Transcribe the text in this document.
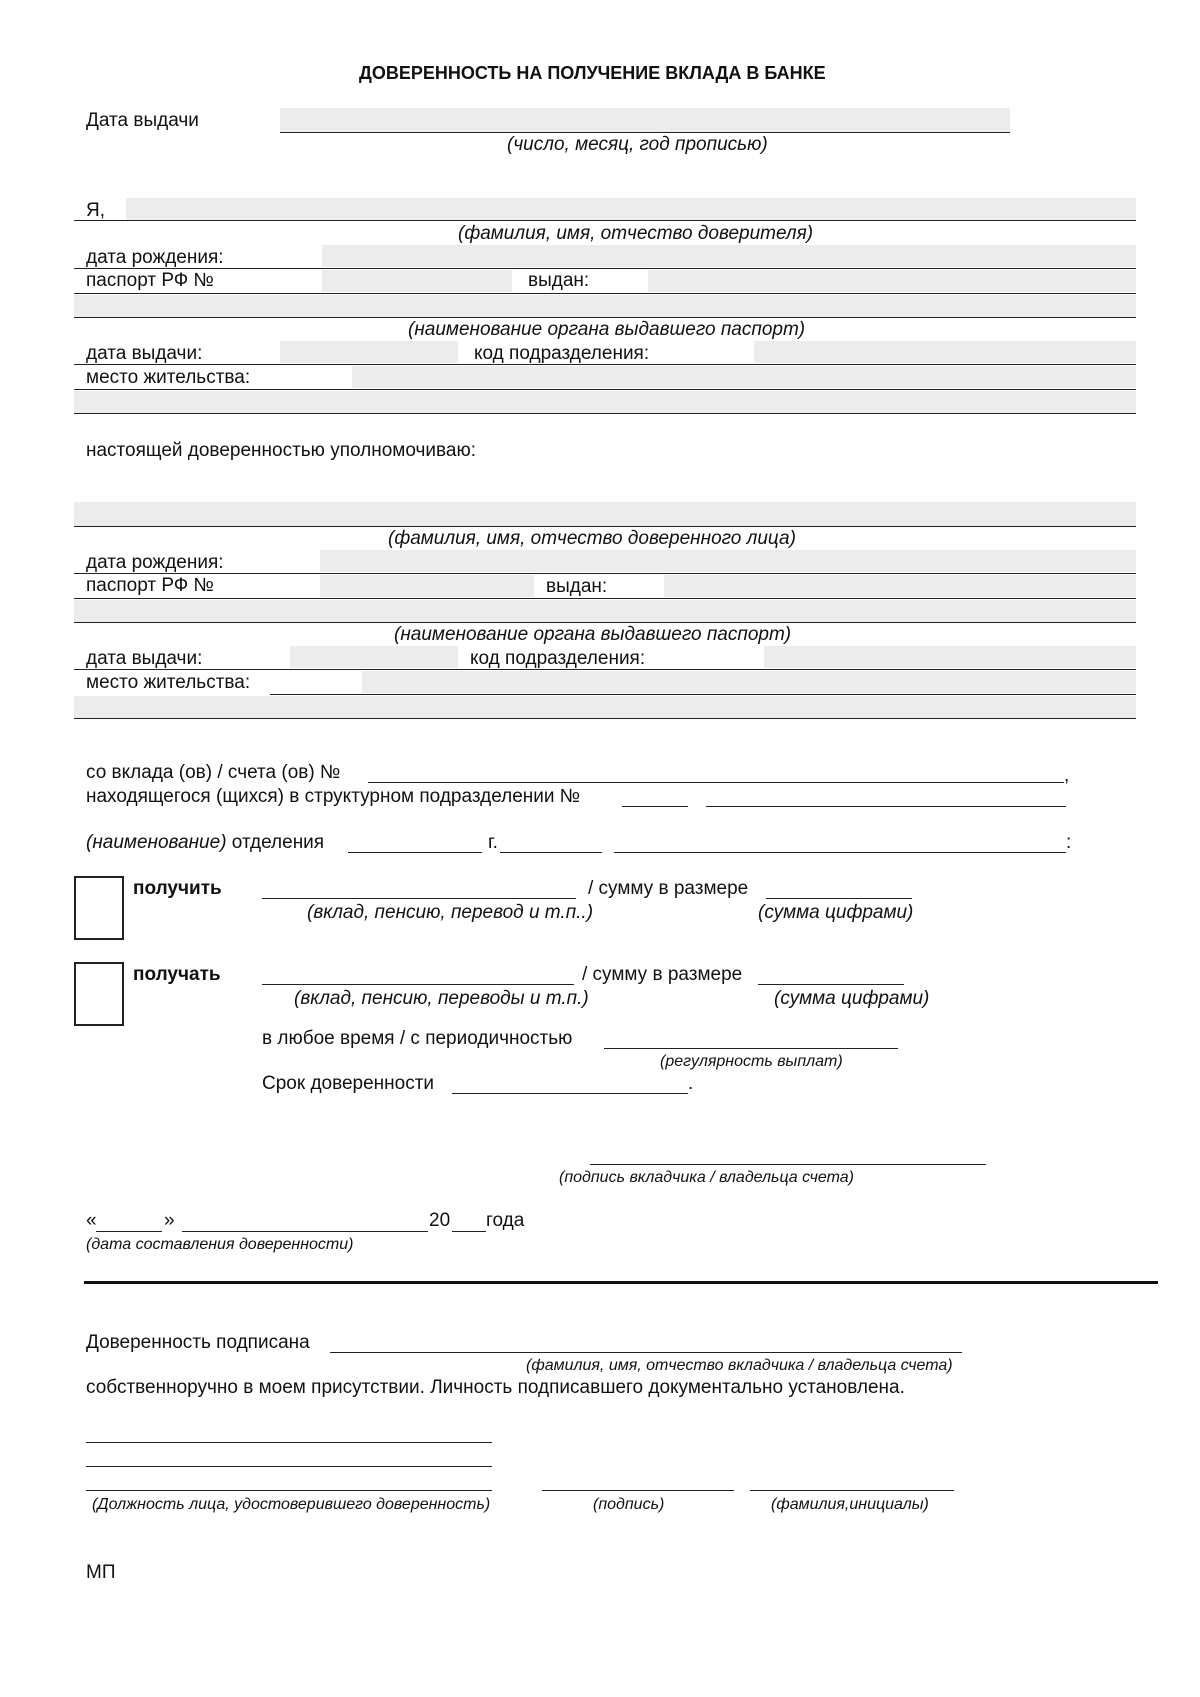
ДОВЕРЕННОСТЬ НА ПОЛУЧЕНИЕ ВКЛАДА В БАНКЕ
Дата выдачи
(число, месяц, год прописью)
Я,
(фамилия, имя, отчество доверителя)
дата рождения:
паспорт РФ №	выдан:
(наименование органа выдавшего паспорт)
дата выдачи:	код подразделения:
место жительства:
настоящей доверенностью уполномочиваю:
(фамилия, имя, отчество доверенного лица)
дата рождения:
паспорт РФ №	выдан:
(наименование органа выдавшего паспорт)
дата выдачи:	код подразделения:
место жительства:
со вклада (ов) / счета (ов) №	,
находящегося (щихся) в структурном подразделении №
(наименование) отделения	г.	:
получить	/ сумму в размере
(вклад, пенсию, перевод и т.п..)	(сумма цифрами)
получать	/ сумму в размере
(вклад, пенсию, переводы и т.п.)	(сумма цифрами)
в любое время / с периодичностью
(регулярность выплат)
Срок доверенности	.
(подпись вкладчика / владельца счета)
«	»	20 года
(дата составления доверенности)
Доверенность подписана
(фамилия, имя, отчество вкладчика / владельца счета)
собственноручно в моем присутствии. Личность подписавшего документально установлена.
(Должность лица, удостоверившего доверенность)	(подпись)	(фамилия,инициалы)
МП
